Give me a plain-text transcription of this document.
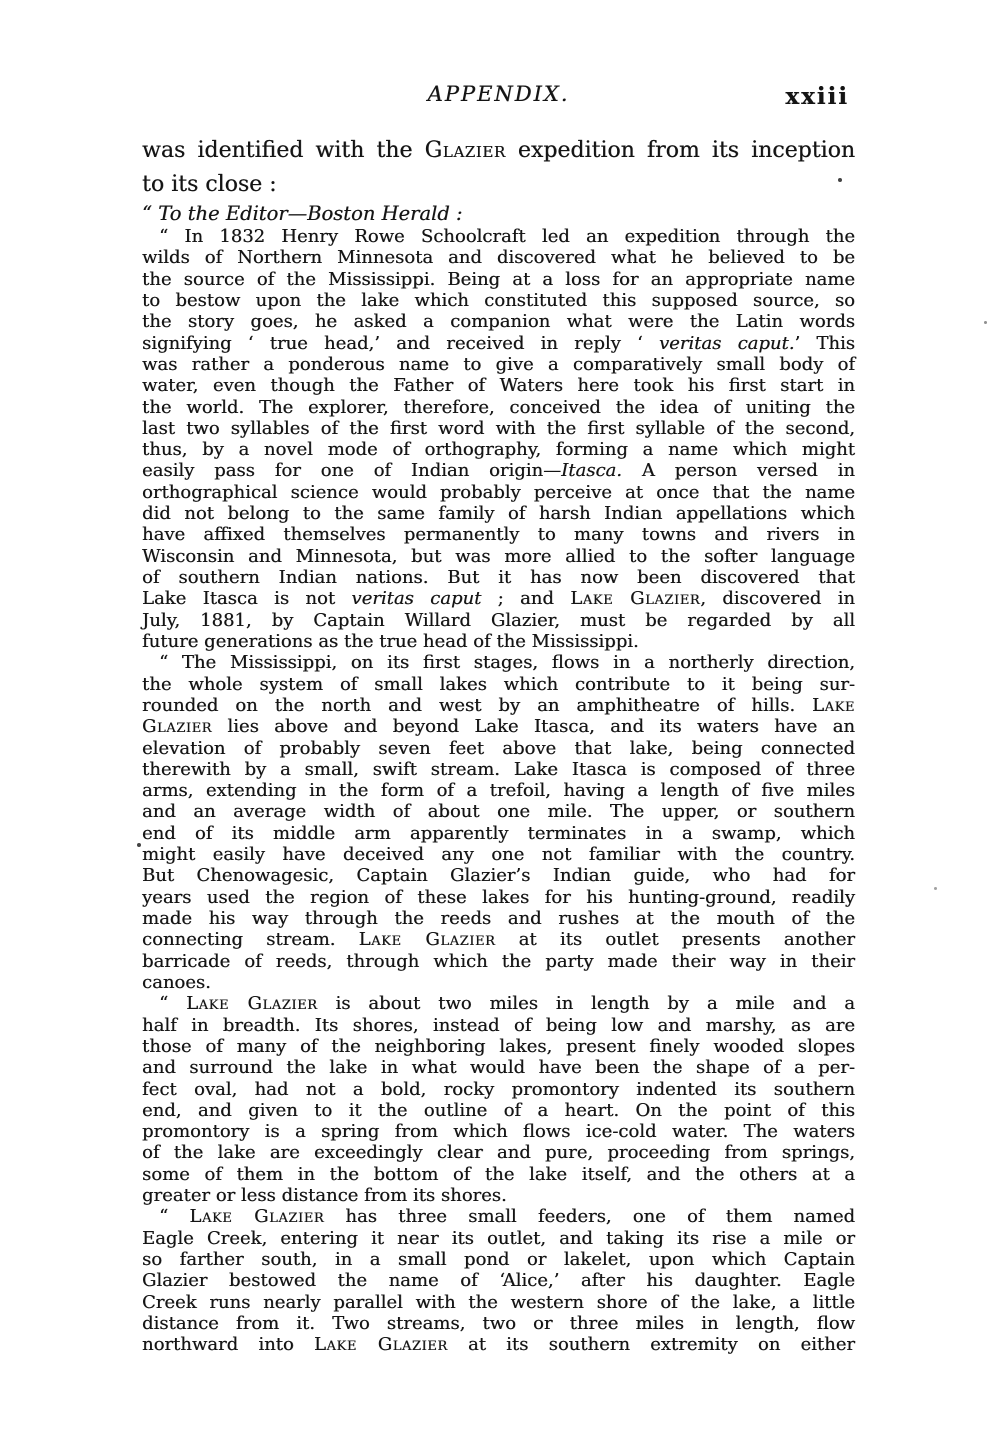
APPENDIX.	xxiii
was identified with the Glazier expedition from its inception
to its close :
“ To the Editor—Boston Herald :
“ In 1832 Henry Rowe Schoolcraft led an expedition through the
wilds of Northern Minnesota and discovered what he believed to be
the source of the Mississippi. Being at a loss for an appropriate name
to bestow upon the lake which constituted this supposed source, so
the story goes, he asked a companion what were the Latin words
signifying ‘ true head,’ and received in reply ‘ veritas caput.’ This
was rather a ponderous name to give a comparatively small body of
water, even though the Father of Waters here took his first start in
the world. The explorer, therefore, conceived the idea of uniting the
last two syllables of the first word with the first syllable of the second,
thus, by a novel mode of orthography, forming a name which might
easily pass for one of Indian origin—Itasca. A person versed in
orthographical science would probably perceive at once that the name
did not belong to the same family of harsh Indian appellations which
have affixed themselves permanently to many towns and rivers in
Wisconsin and Minnesota, but was more allied to the softer language
of southern Indian nations. But it has now been discovered that
Lake Itasca is not veritas caput ; and Lake Glazier, discovered in
July, 1881, by Captain Willard Glazier, must be regarded by all
future generations as the true head of the Mississippi.
“ The Mississippi, on its first stages, flows in a northerly direction,
the whole system of small lakes which contribute to it being sur-
rounded on the north and west by an amphitheatre of hills. Lake
Glazier lies above and beyond Lake Itasca, and its waters have an
elevation of probably seven feet above that lake, being connected
therewith by a small, swift stream. Lake Itasca is composed of three
arms, extending in the form of a trefoil, having a length of five miles
and an average width of about one mile. The upper, or southern
end of its middle arm apparently terminates in a swamp, which
might easily have deceived any one not familiar with the country.
But Chenowagesic, Captain Glazier’s Indian guide, who had for
years used the region of these lakes for his hunting-ground, readily
made his way through the reeds and rushes at the mouth of the
connecting stream. Lake Glazier at its outlet presents another
barricade of reeds, through which the party made their way in their
canoes.
“ Lake Glazier is about two miles in length by a mile and a
half in breadth. Its shores, instead of being low and marshy, as are
those of many of the neighboring lakes, present finely wooded slopes
and surround the lake in what would have been the shape of a per-
fect oval, had not a bold, rocky promontory indented its southern
end, and given to it the outline of a heart. On the point of this
promontory is a spring from which flows ice-cold water. The waters
of the lake are exceedingly clear and pure, proceeding from springs,
some of them in the bottom of the lake itself, and the others at a
greater or less distance from its shores.
“ Lake Glazier has three small feeders, one of them named
Eagle Creek, entering it near its outlet, and taking its rise a mile or
so farther south, in a small pond or lakelet, upon which Captain
Glazier bestowed the name of ‘Alice,’ after his daughter. Eagle
Creek runs nearly parallel with the western shore of the lake, a little
distance from it. Two streams, two or three miles in length, flow
northward into Lake Glazier at its southern extremity on either
